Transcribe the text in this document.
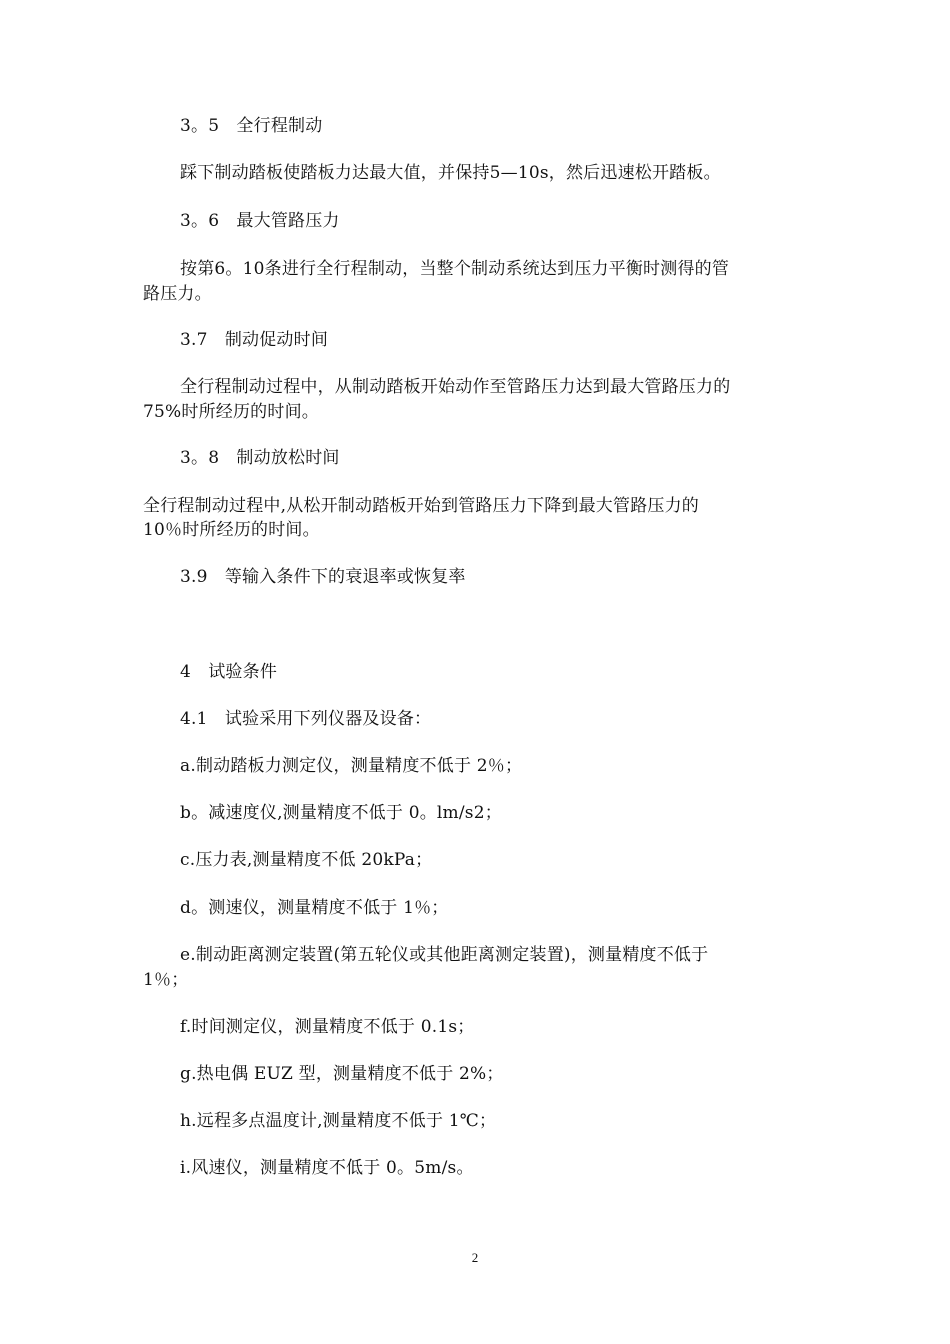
3。5　全行程制动
踩下制动踏板使踏板力达最大值，并保持5—10s，然后迅速松开踏板。
3。6　最大管路压力
按第6。10条进行全行程制动，当整个制动系统达到压力平衡时测得的管
路压力。
3.7　制动促动时间
全行程制动过程中，从制动踏板开始动作至管路压力达到最大管路压力的
75%时所经历的时间。
3。8　制动放松时间
全行程制动过程中,从松开制动踏板开始到管路压力下降到最大管路压力的
10％时所经历的时间。
3.9　等输入条件下的衰退率或恢复率
4　试验条件
4.1　试验采用下列仪器及设备：
a.制动踏板力测定仪，测量精度不低于 2％；
b。减速度仪,测量精度不低于 0。lm/s2；
c.压力表,测量精度不低 20kPa；
d。测速仪，测量精度不低于 1％；
e.制动距离测定装置(第五轮仪或其他距离测定装置)，测量精度不低于
1％；
f.时间测定仪，测量精度不低于 0.1s；
g.热电偶 EUZ 型，测量精度不低于 2%；
h.远程多点温度计,测量精度不低于 1℃；
i.风速仪，测量精度不低于 0。5m/s。
2
